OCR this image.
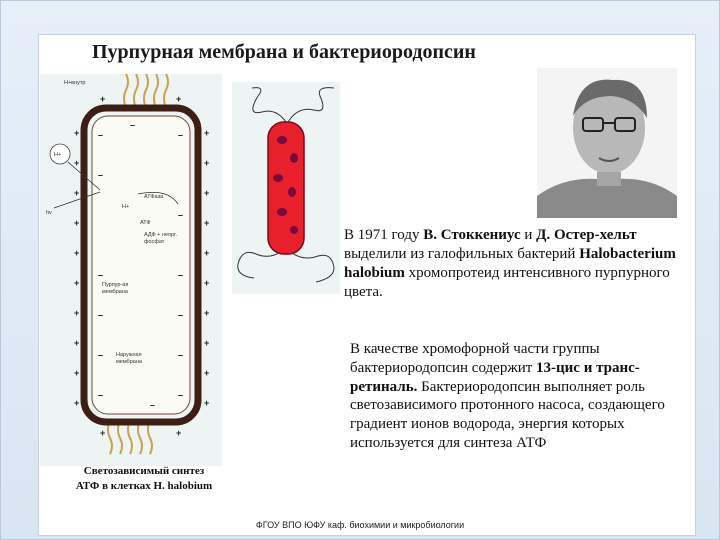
Пурпурная мембрана и бактериородопсин
+
+
+
+
+
+
+
+
+
+
+
+
+
+
+
+
+
+
+
+
+	+
+	+
–
–
–
–
–
–
–
–
–
–
–
–
–
–
H+внутр
H+
hv
H+
АТФаза
АТФ
АДФ + неорг.
фосфат
Пурпур-ая
мембрана
Наружная
мембрана
Светозависимый синтез
АТФ в клетках H. halobium
В 1971 году В. Стоккениус и Д. Остер-хельт выделили из галофильных бактерий Halobacterium halobium хромопротеид интенсивного пурпурного цвета.
В качестве хромофорной части группы бактериородопсин содержит 13-цис и транс-ретиналь. Бактериородопсин выполняет роль светозависимого протонного насоса, создающего градиент ионов водорода, энергия которых используется для синтеза АТФ
ФГОУ ВПО ЮФУ каф. биохимии и микробиологии
